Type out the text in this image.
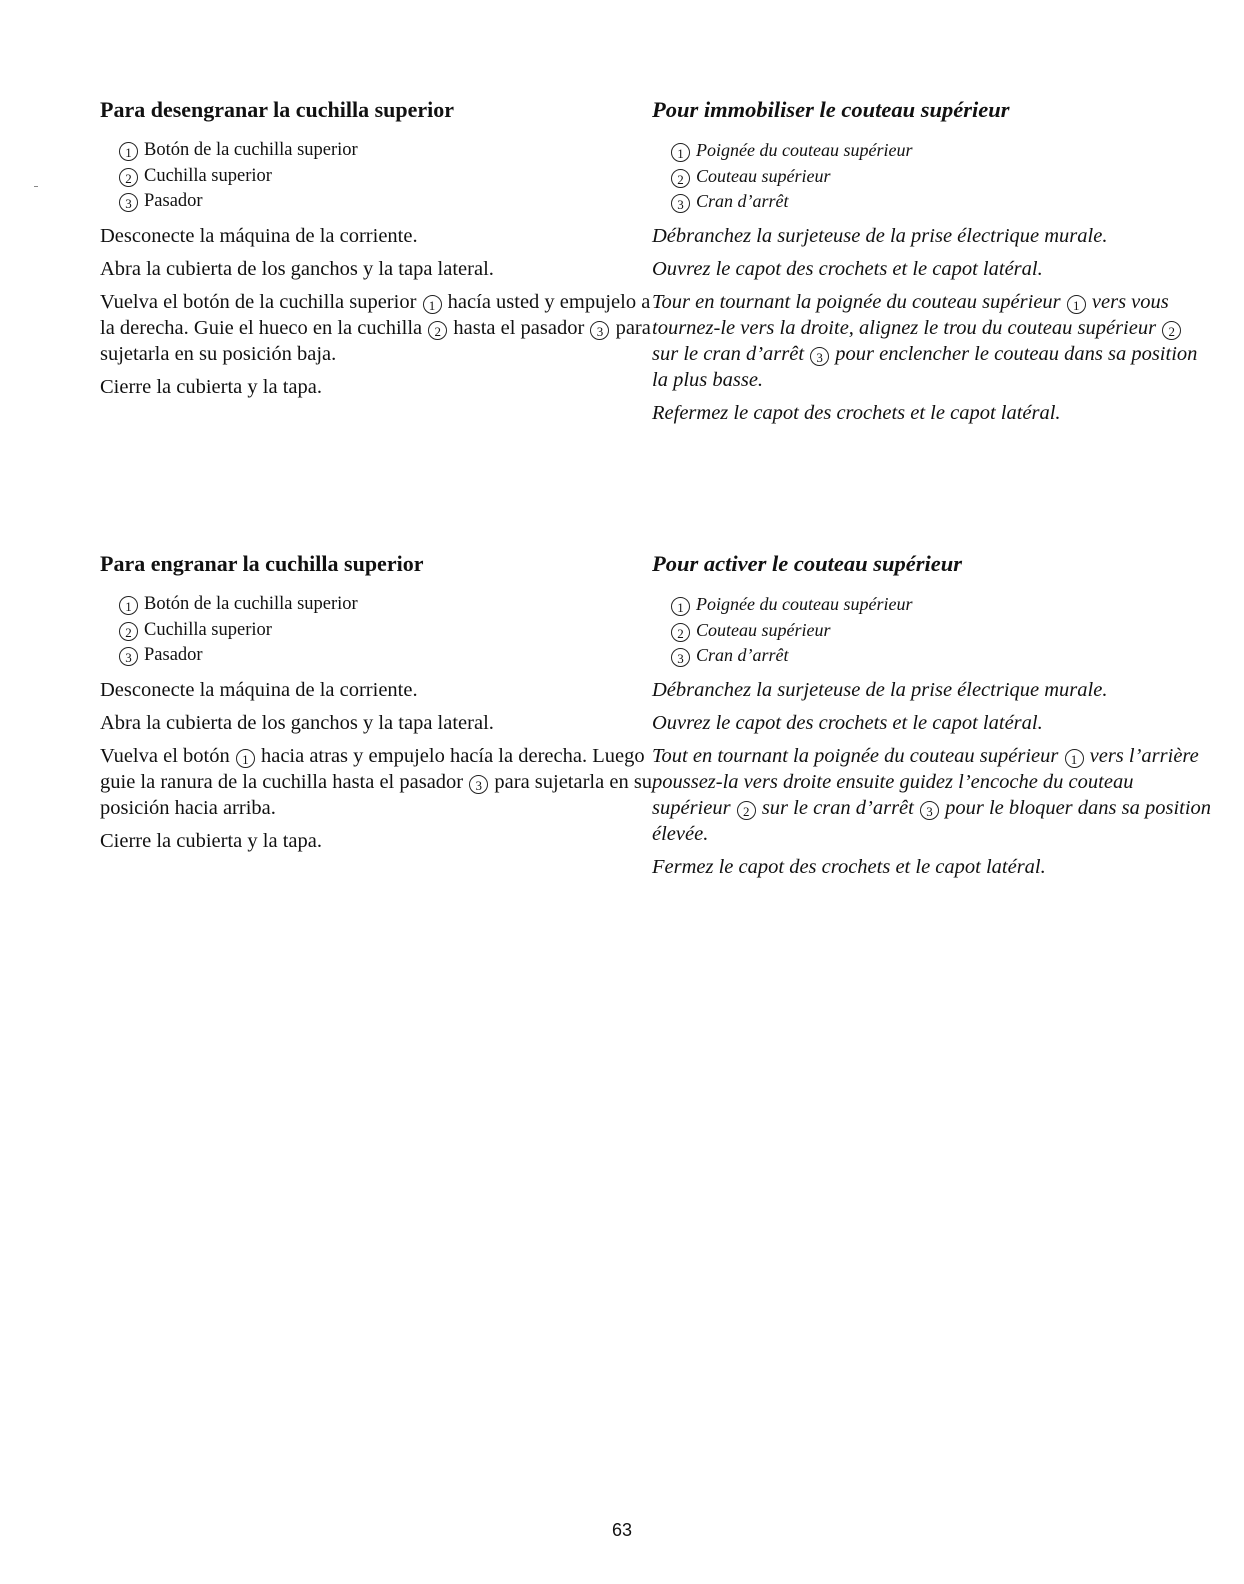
Para desengranar la cuchilla superior
1 Botón de la cuchilla superior
2 Cuchilla superior
3 Pasador

Desconecte la máquina de la corriente.

Abra la cubierta de los ganchos y la tapa lateral.

Vuelva el botón de la cuchilla superior 1 hacía usted y empujelo a la derecha. Guie el hueco en la cuchilla 2 hasta el pasador 3 para sujetarla en su posición baja.

Cierre la cubierta y la tapa.

Pour immobiliser le couteau supérieur
1 Poignée du couteau supérieur
2 Couteau supérieur
3 Cran d’arrêt

Débranchez la surjeteuse de la prise électrique murale.

Ouvrez le capot des crochets et le capot latéral.

Tour en tournant la poignée du couteau supérieur 1 vers vous tournez-le vers la droite, alignez le trou du couteau supérieur 2 sur le cran d’arrêt 3 pour enclencher le couteau dans sa position la plus basse.

Refermez le capot des crochets et le capot latéral.

Para engranar la cuchilla superior
1 Botón de la cuchilla superior
2 Cuchilla superior
3 Pasador

Desconecte la máquina de la corriente.

Abra la cubierta de los ganchos y la tapa lateral.

Vuelva el botón 1 hacia atras y empujelo hacía la derecha. Luego guie la ranura de la cuchilla hasta el pasador 3 para sujetarla en su posición hacia arriba.

Cierre la cubierta y la tapa.

Pour activer le couteau supérieur
1 Poignée du couteau supérieur
2 Couteau supérieur
3 Cran d’arrêt

Débranchez la surjeteuse de la prise électrique murale.

Ouvrez le capot des crochets et le capot latéral.

Tout en tournant la poignée du couteau supérieur 1 vers l’arrière poussez-la vers droite ensuite guidez l’encoche du couteau supérieur 2 sur le cran d’arrêt 3 pour le bloquer dans sa position élevée.

Fermez le capot des crochets et le capot latéral.

63
